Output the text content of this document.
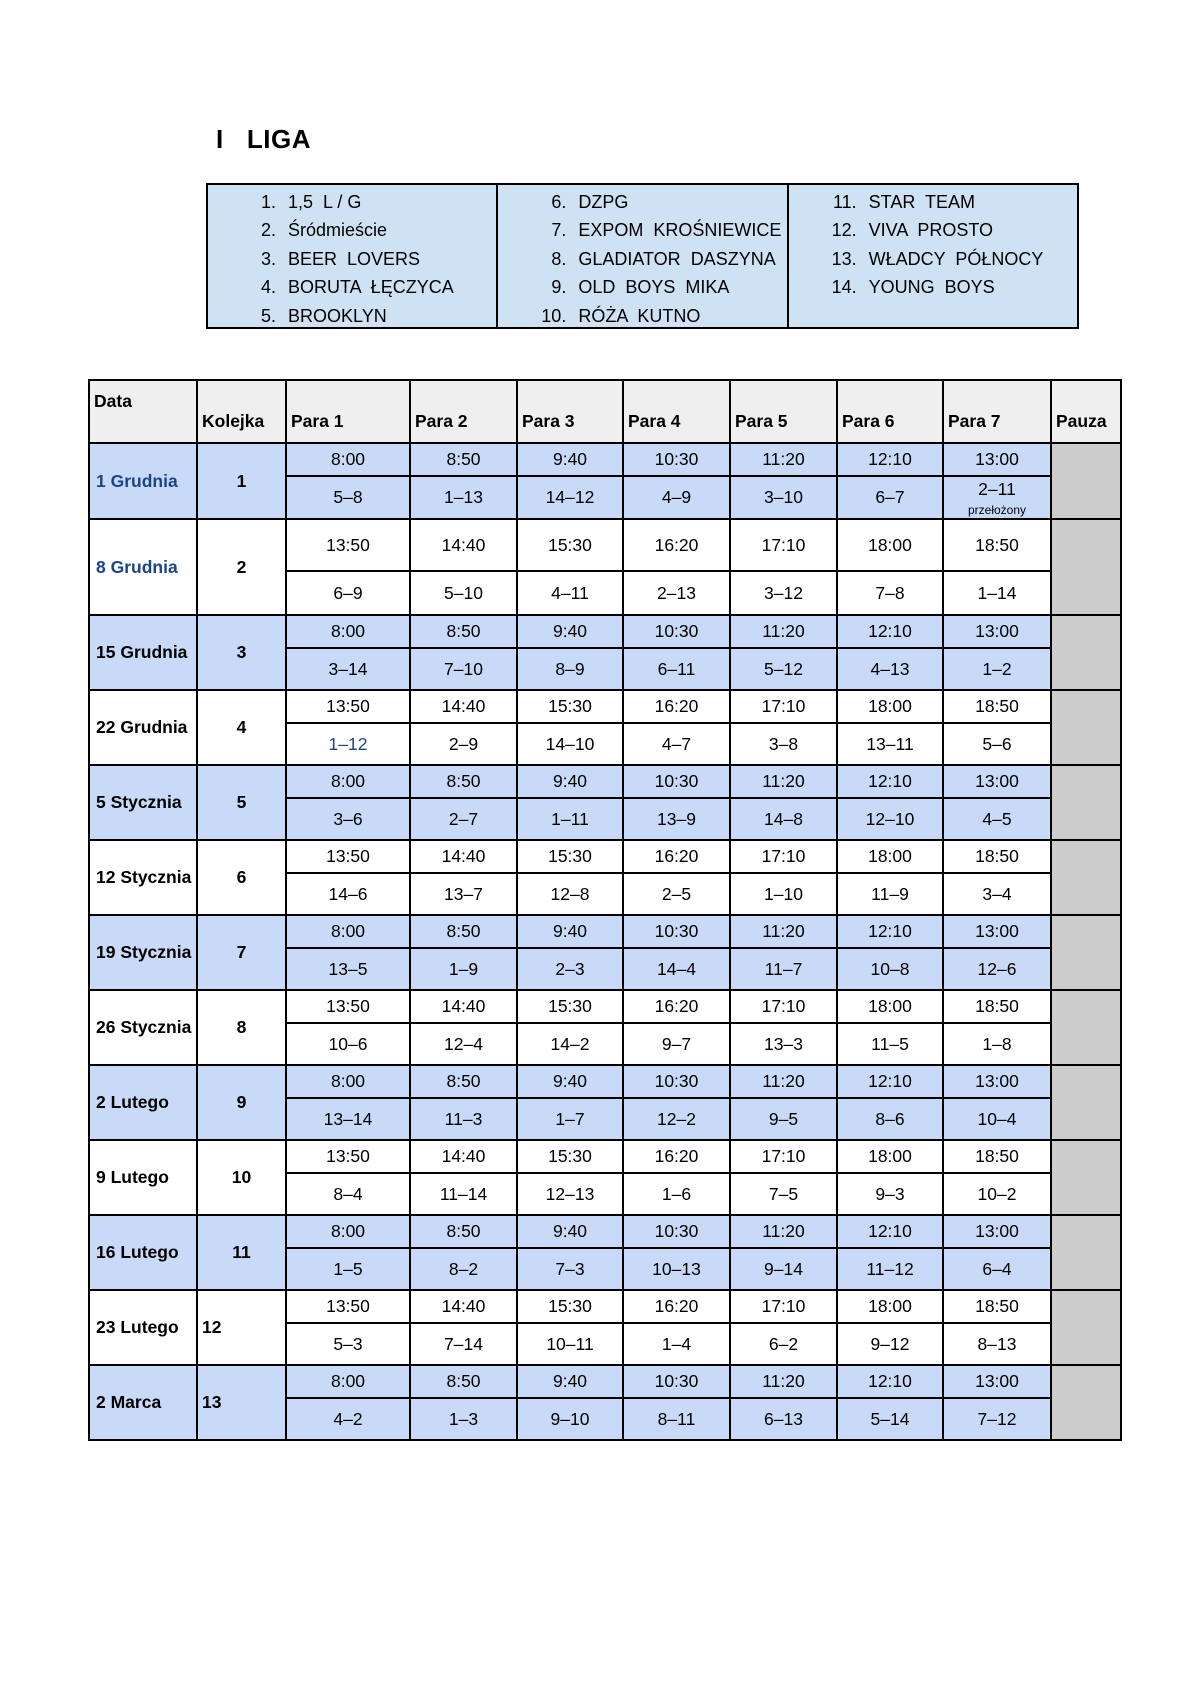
I   LIGA
1. 1,5  L / G
2. Śródmieście
3. BEER  LOVERS
4. BORUTA  ŁĘCZYCA
5. BROOKLYN
6. DZPG
7. EXPOM  KROŚNIEWICE
8. GLADIATOR  DASZYNA
9. OLD  BOYS  MIKA
10. RÓŻA  KUTNO
11. STAR  TEAM
12. VIVA  PROSTO
13. WŁADCY  PÓŁNOCY
14. YOUNG  BOYS
Data	Kolejka	Para 1	Para 2	Para 3	Para 4	Para 5	Para 6	Para 7	Pauza
1 Grudnia	1	8:00	8:50	9:40	10:30	11:20	12:10	13:00	
		5–8	1–13	14–12	4–9	3–10	6–7	2–11
przełożony	

8 Grudnia	2	13:50	14:40	15:30	16:20	17:10	18:00	18:50	
		6–9	5–10	4–11	2–13	3–12	7–8	1–14	
15 Grudnia	3	8:00	8:50	9:40	10:30	11:20	12:10	13:00	
		3–14	7–10	8–9	6–11	5–12	4–13	1–2	
22 Grudnia	4	13:50	14:40	15:30	16:20	17:10	18:00	18:50	
		1–12	2–9	14–10	4–7	3–8	13–11	5–6	
5 Stycznia	5	8:00	8:50	9:40	10:30	11:20	12:10	13:00	
		3–6	2–7	1–11	13–9	14–8	12–10	4–5	
12 Stycznia	6	13:50	14:40	15:30	16:20	17:10	18:00	18:50	
		14–6	13–7	12–8	2–5	1–10	11–9	3–4	
19 Stycznia	7	8:00	8:50	9:40	10:30	11:20	12:10	13:00	
		13–5	1–9	2–3	14–4	11–7	10–8	12–6	
26 Stycznia	8	13:50	14:40	15:30	16:20	17:10	18:00	18:50	
		10–6	12–4	14–2	9–7	13–3	11–5	1–8	
2 Lutego	9	8:00	8:50	9:40	10:30	11:20	12:10	13:00	
		13–14	11–3	1–7	12–2	9–5	8–6	10–4	
9 Lutego	10	13:50	14:40	15:30	16:20	17:10	18:00	18:50	
		8–4	11–14	12–13	1–6	7–5	9–3	10–2	
16 Lutego	11	8:00	8:50	9:40	10:30	11:20	12:10	13:00	
		1–5	8–2	7–3	10–13	9–14	11–12	6–4	
23 Lutego	12	13:50	14:40	15:30	16:20	17:10	18:00	18:50	
		5–3	7–14	10–11	1–4	6–2	9–12	8–13	
2 Marca	13	8:00	8:50	9:40	10:30	11:20	12:10	13:00	
		4–2	1–3	9–10	8–11	6–13	5–14	7–12	
